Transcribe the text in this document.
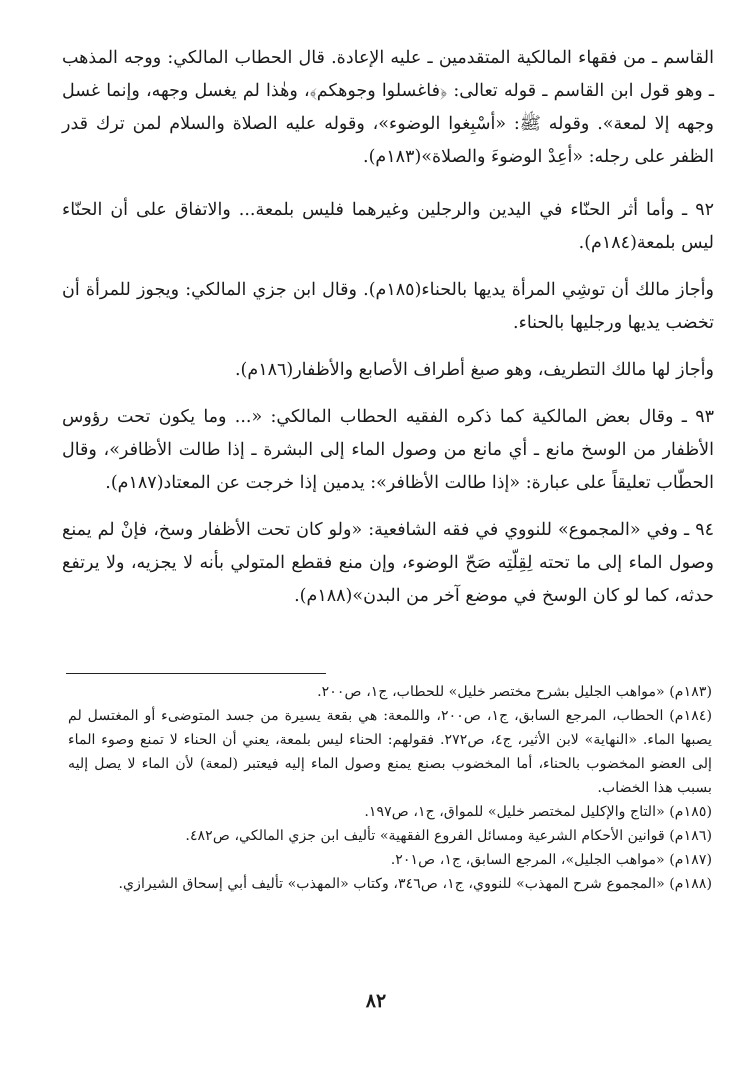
القاسم ـ من فقهاء المالكية المتقدمين ـ عليه الإعادة. قال الحطاب المالكي: ووجه المذهب ـ وهو قول ابن القاسم ـ قوله تعالى: ﴿فاغسلوا وجوهكم﴾، وهٰذا لم يغسل وجهه، وإنما غسل وجهه إلا لمعة». وقوله ﷺ: «أسْبِغوا الوضوء»، وقوله عليه الصلاة والسلام لمن ترك قدر الظفر على رجله: «أعِدْ الوضوءَ والصلاة»(١٨٣م).

٩٢ ـ وأما أثر الحنّاء في اليدين والرجلين وغيرهما فليس بلمعة... والاتفاق على أن الحنّاء ليس بلمعة(١٨٤م).

وأجاز مالك أن توشِي المرأة يديها بالحناء(١٨٥م). وقال ابن جزي المالكي: ويجوز للمرأة أن تخضب يديها ورجليها بالحناء.

وأجاز لها مالك التطريف، وهو صبغ أطراف الأصابع والأظفار(١٨٦م).

٩٣ ـ وقال بعض المالكية كما ذكره الفقيه الحطاب المالكي: «... وما يكون تحت رؤوس الأظفار من الوسخ مانع ـ أي مانع من وصول الماء إلى البشرة ـ إذا طالت الأظافر»، وقال الحطّاب تعليقاً على عبارة: «إذا طالت الأظافر»: يدمين إذا خرجت عن المعتاد(١٨٧م).

٩٤ ـ وفي «المجموع» للنووي في فقه الشافعية: «ولو كان تحت الأظفار وسخ، فإنْ لم يمنع وصول الماء إلى ما تحته لِقِلّتِه صَحّ الوضوء، وإن منع فقطع المتولي بأنه لا يجزيه، ولا يرتفع حدثه، كما لو كان الوسخ في موضع آخر من البدن»(١٨٨م).

(١٨٣م) «مواهب الجليل بشرح مختصر خليل» للحطاب، ج١، ص٢٠٠.

(١٨٤م) الحطاب، المرجع السابق، ج١، ص٢٠٠، واللمعة: هي بقعة يسيرة من جسد المتوضىء أو المغتسل لم يصبها الماء. «النهاية» لابن الأثير، ج٤، ص٢٧٢. فقولهم: الحناء ليس بلمعة، يعني أن الحناء لا تمنع وصوء الماء إلى العضو المخضوب بالحناء، أما المخضوب بصنع يمنع وصول الماء إليه فيعتبر (لمعة) لأن الماء لا يصل إليه بسبب هذا الخضاب.

(١٨٥م) «التاج والإكليل لمختصر خليل» للمواق، ج١، ص١٩٧.

(١٨٦م) قوانين الأحكام الشرعية ومسائل الفروع الفقهية» تأليف ابن جزي المالكي، ص٤٨٢.

(١٨٧م) «مواهب الجليل»، المرجع السابق، ج١، ص٢٠١.

(١٨٨م) «المجموع شرح المهذب» للنووي، ج١، ص٣٤٦، وكتاب «المهذب» تأليف أبي إسحاق الشيرازي.

٨٢
